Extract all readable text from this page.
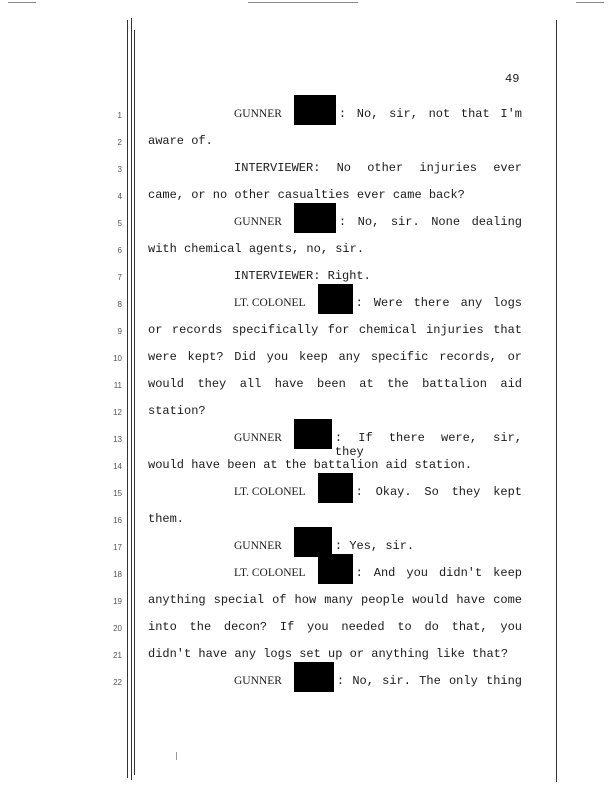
49
1	GUNNER	: No, sir, not that I'm
2 aware of.
3	INTERVIEWER: No other injuries ever
4 came, or no other casualties ever came back?
5	GUNNER	: No, sir. None dealing
6 with chemical agents, no, sir.
7	INTERVIEWER: Right.
8	LT. COLONEL	: Were there any logs
9 or records specifically for chemical injuries that
10 were kept? Did you keep any specific records, or
11 would they all have been at the battalion aid
12 station?
13	GUNNER	: If there were, sir, they
14 would have been at the battalion aid station.
15	LT. COLONEL	: Okay. So they kept
16 them.
17	GUNNER	: Yes, sir.
18	LT. COLONEL	: And you didn't keep
19 anything special of how many people would have come
20 into the decon? If you needed to do that, you
21 didn't have any logs set up or anything like that?
22	GUNNER	: No, sir. The only thing
